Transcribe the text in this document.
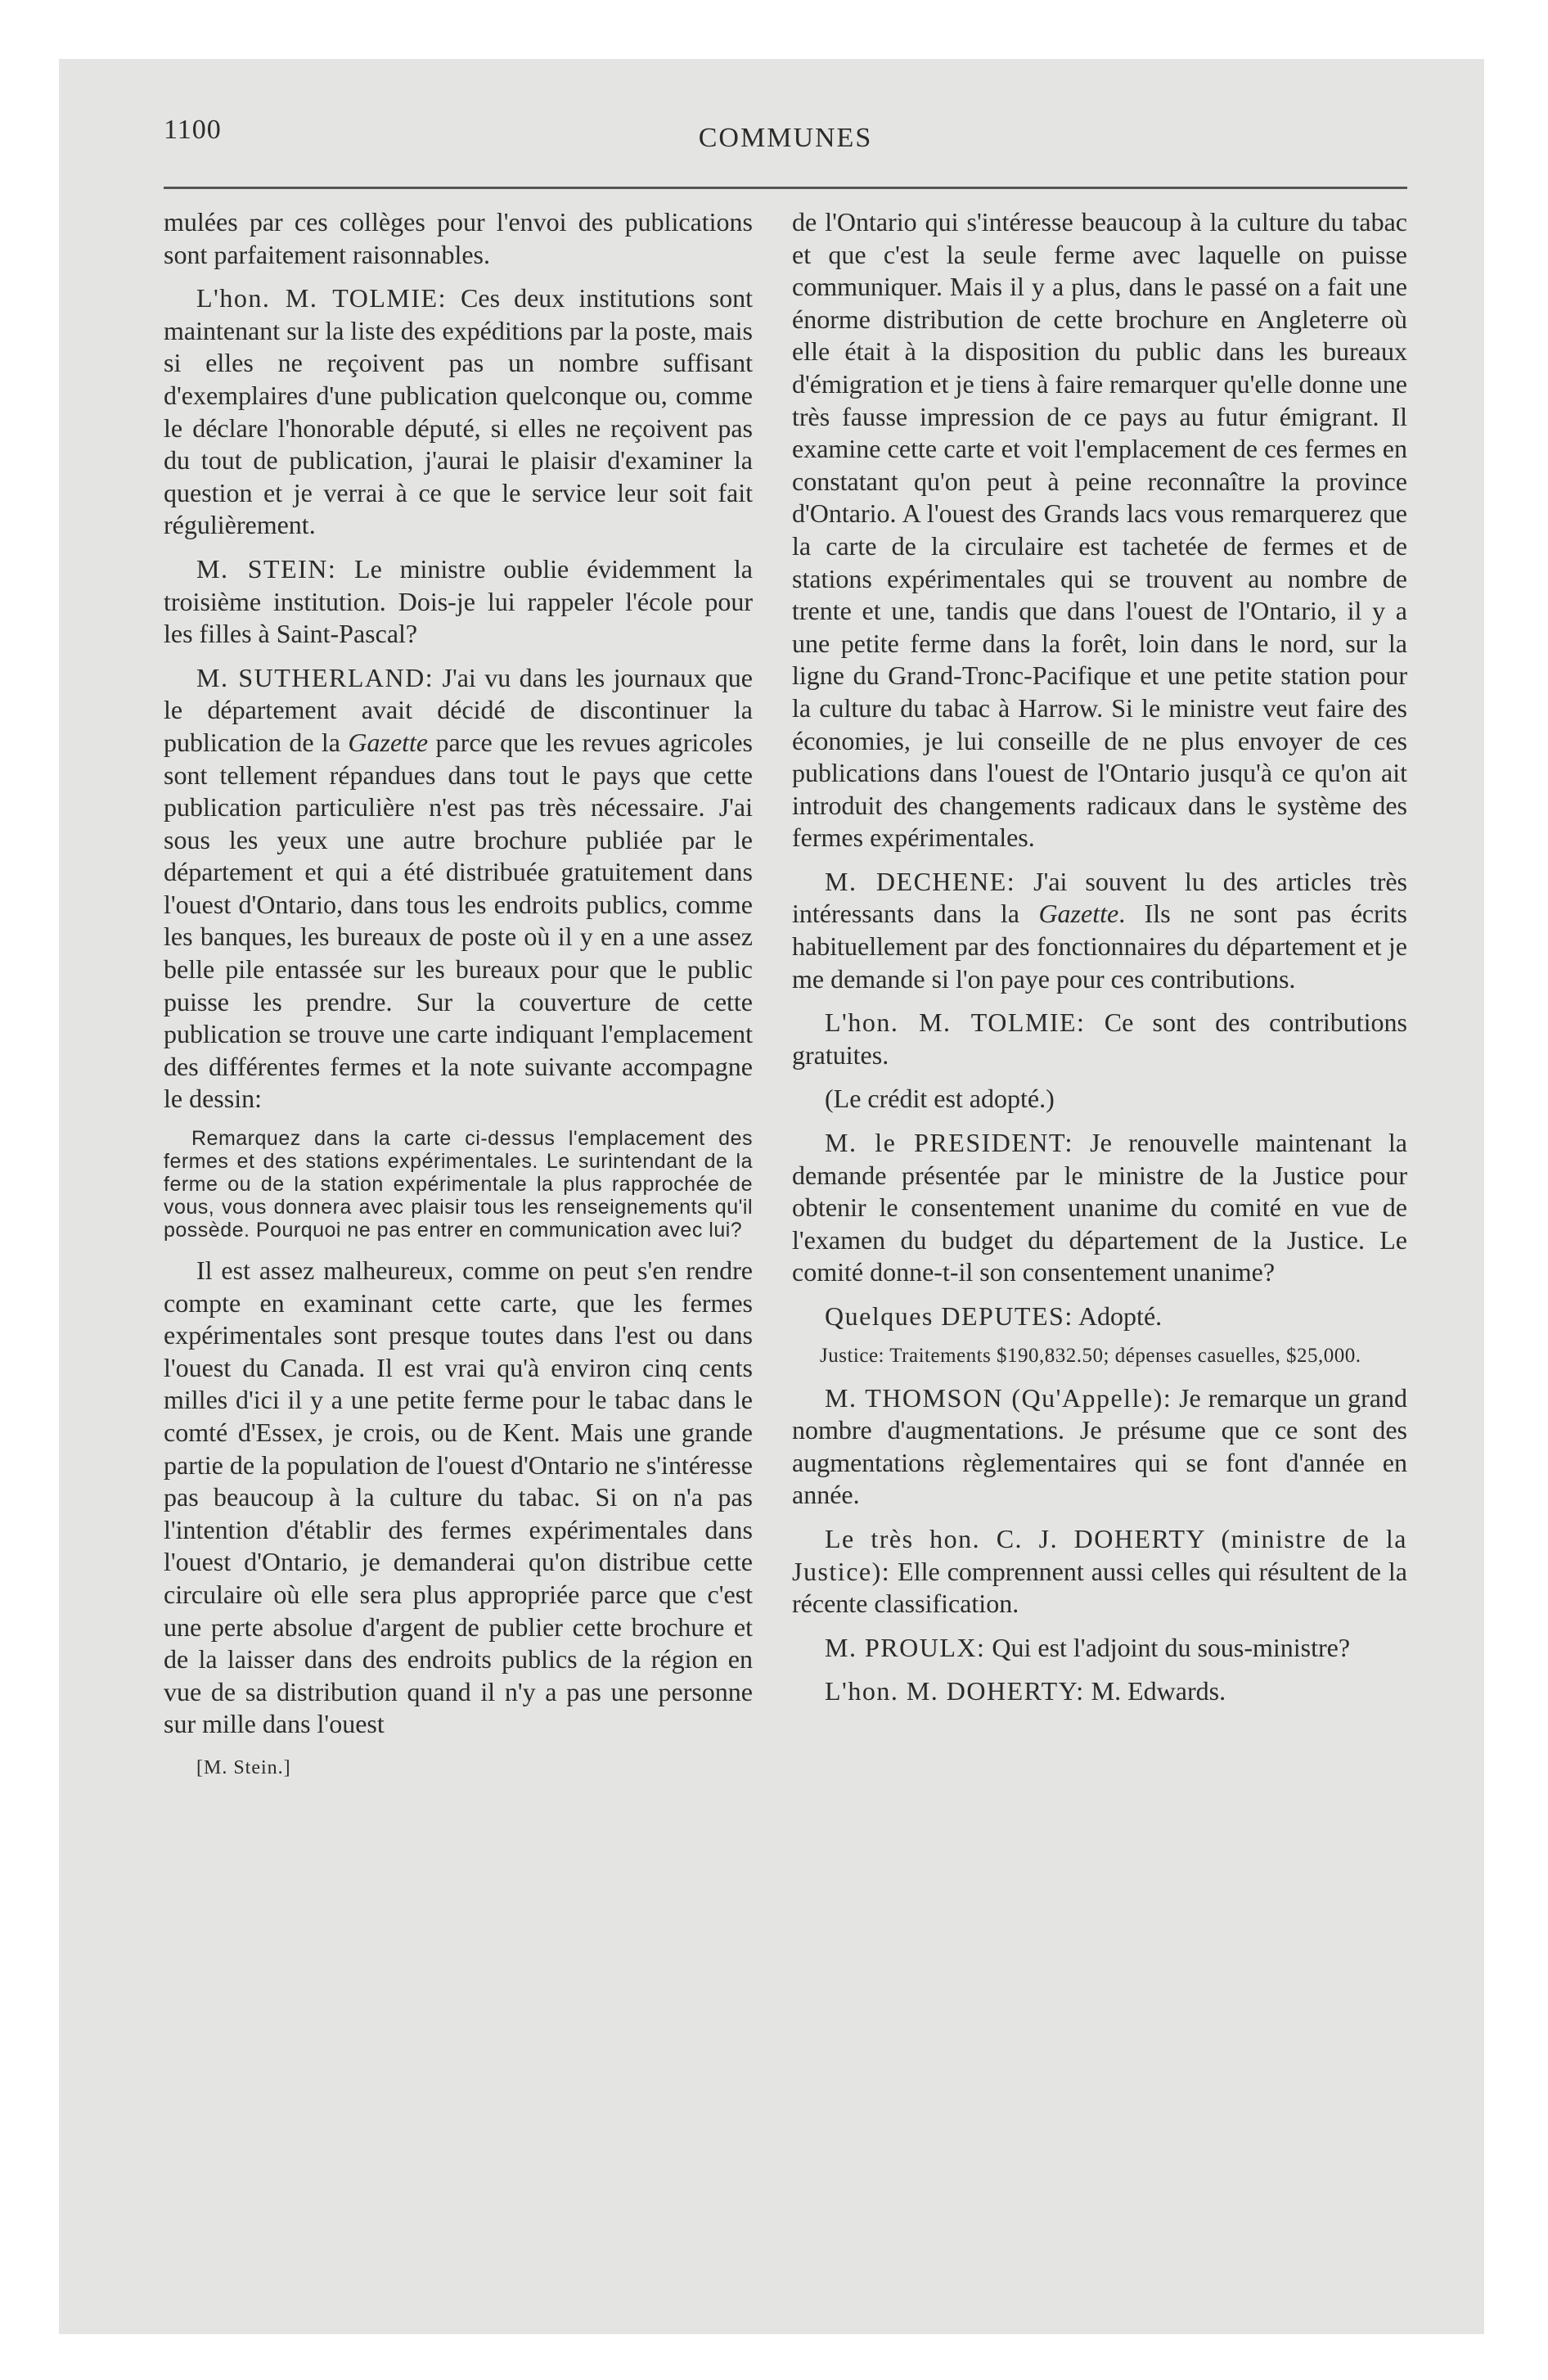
1100	COMMUNES

mulées par ces collèges pour l'envoi des publications sont parfaitement raisonnables.

L'hon. M. TOLMIE: Ces deux institutions sont maintenant sur la liste des expéditions par la poste, mais si elles ne reçoivent pas un nombre suffisant d'exemplaires d'une publication quelconque ou, comme le déclare l'honorable député, si elles ne reçoivent pas du tout de publication, j'aurai le plaisir d'examiner la question et je verrai à ce que le service leur soit fait régulièrement.

M. STEIN: Le ministre oublie évidemment la troisième institution. Dois-je lui rappeler l'école pour les filles à Saint-Pascal?

M. SUTHERLAND: J'ai vu dans les journaux que le département avait décidé de discontinuer la publication de la Gazette parce que les revues agricoles sont tellement répandues dans tout le pays que cette publication particulière n'est pas très nécessaire. J'ai sous les yeux une autre brochure publiée par le département et qui a été distribuée gratuitement dans l'ouest d'Ontario, dans tous les endroits publics, comme les banques, les bureaux de poste où il y en a une assez belle pile entassée sur les bureaux pour que le public puisse les prendre. Sur la couverture de cette publication se trouve une carte indiquant l'emplacement des différentes fermes et la note suivante accompagne le dessin:

Remarquez dans la carte ci-dessus l'emplacement des fermes et des stations expérimentales. Le surintendant de la ferme ou de la station expérimentale la plus rapprochée de vous, vous donnera avec plaisir tous les renseignements qu'il possède. Pourquoi ne pas entrer en communication avec lui?

Il est assez malheureux, comme on peut s'en rendre compte en examinant cette carte, que les fermes expérimentales sont presque toutes dans l'est ou dans l'ouest du Canada. Il est vrai qu'à environ cinq cents milles d'ici il y a une petite ferme pour le tabac dans le comté d'Essex, je crois, ou de Kent. Mais une grande partie de la population de l'ouest d'Ontario ne s'intéresse pas beaucoup à la culture du tabac. Si on n'a pas l'intention d'établir des fermes expérimentales dans l'ouest d'Ontario, je demanderai qu'on distribue cette circulaire où elle sera plus appropriée parce que c'est une perte absolue d'argent de publier cette brochure et de la laisser dans des endroits publics de la région en vue de sa distribution quand il n'y a pas une personne sur mille dans l'ouest

[M. Stein.]

de l'Ontario qui s'intéresse beaucoup à la culture du tabac et que c'est la seule ferme avec laquelle on puisse communiquer. Mais il y a plus, dans le passé on a fait une énorme distribution de cette brochure en Angleterre où elle était à la disposition du public dans les bureaux d'émigration et je tiens à faire remarquer qu'elle donne une très fausse impression de ce pays au futur émigrant. Il examine cette carte et voit l'emplacement de ces fermes en constatant qu'on peut à peine reconnaître la province d'Ontario. A l'ouest des Grands lacs vous remarquerez que la carte de la circulaire est tachetée de fermes et de stations expérimentales qui se trouvent au nombre de trente et une, tandis que dans l'ouest de l'Ontario, il y a une petite ferme dans la forêt, loin dans le nord, sur la ligne du Grand-Tronc-Pacifique et une petite station pour la culture du tabac à Harrow. Si le ministre veut faire des économies, je lui conseille de ne plus envoyer de ces publications dans l'ouest de l'Ontario jusqu'à ce qu'on ait introduit des changements radicaux dans le système des fermes expérimentales.

M. DECHENE: J'ai souvent lu des articles très intéressants dans la Gazette. Ils ne sont pas écrits habituellement par des fonctionnaires du département et je me demande si l'on paye pour ces contributions.

L'hon. M. TOLMIE: Ce sont des contributions gratuites.

(Le crédit est adopté.)

M. le PRESIDENT: Je renouvelle maintenant la demande présentée par le ministre de la Justice pour obtenir le consentement unanime du comité en vue de l'examen du budget du département de la Justice. Le comité donne-t-il son consentement unanime?

Quelques DEPUTES: Adopté.

Justice: Traitements $190,832.50; dépenses casuelles, $25,000.

M. THOMSON (Qu'Appelle): Je remarque un grand nombre d'augmentations. Je présume que ce sont des augmentations règlementaires qui se font d'année en année.

Le très hon. C. J. DOHERTY (ministre de la Justice): Elle comprennent aussi celles qui résultent de la récente classification.

M. PROULX: Qui est l'adjoint du sous-ministre?

L'hon. M. DOHERTY: M. Edwards.
